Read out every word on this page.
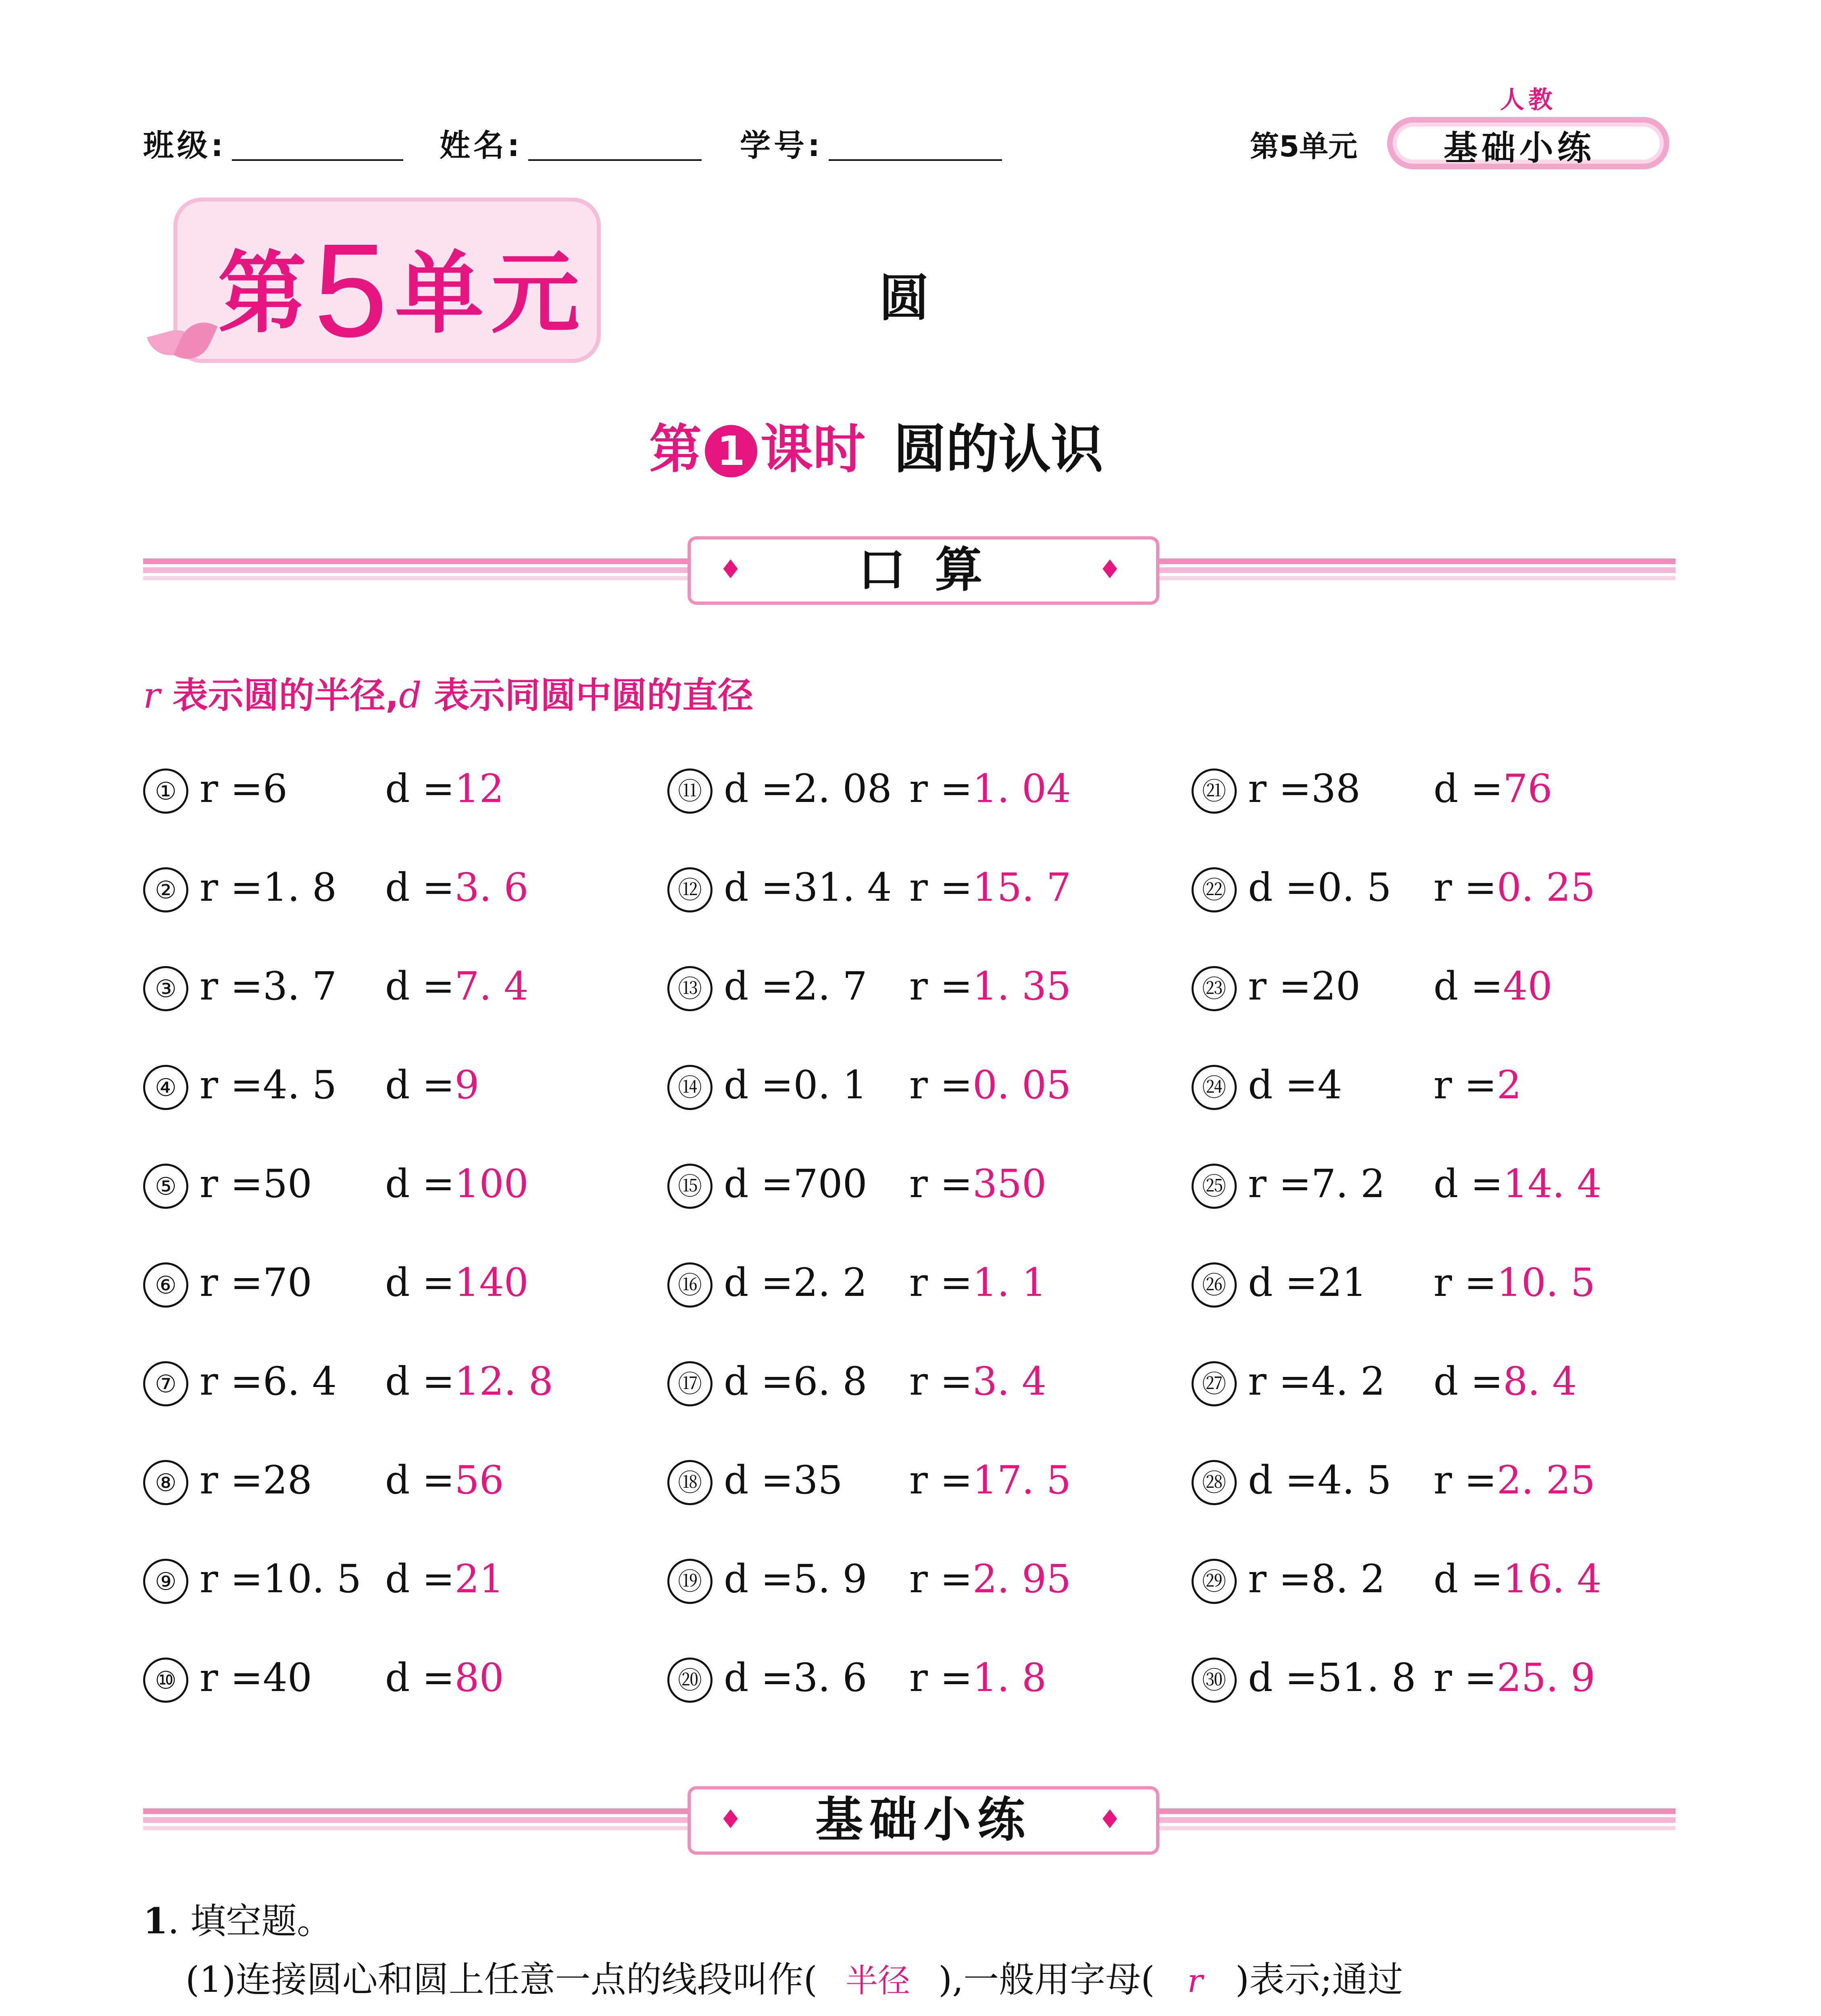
班级:	姓名:	学号:	第5单元
人教
基础小练
第5单元	圆
第 1 课时 圆的认识
♦ 口 算	♦
r 表示圆的半径,d 表示同圆中圆的直径
① r =6	d =12
② r =1. 8 d =3. 6
③ r =3. 7 d =7. 4
④ r =4. 5 d =9
⑤ r =50 d =100
⑥ r =70 d =140
⑦ r =6. 4 d =12. 8
⑧ r =28 d =56
⑨ r =10. 5 d =21
⑩ r =40 d =80
⑪ d =2. 08 r =1. 04
⑫ d =31. 4 r =15. 7
⑬ d =2. 7 r =1. 35
⑭ d =0. 1 r =0. 05
⑮ d =700 r =350
⑯ d =2. 2 r =1. 1
⑰ d =6. 8 r =3. 4
⑱ d =35 r =17. 5
⑲ d =5. 9 r =2. 95
⑳ d =3. 6 r =1. 8
㉑ r =38 d =76
㉒ d =0. 5 r =0. 25
㉓ r =20 d =40
㉔ d =4 r =2
㉕ r =7. 2 d =14. 4
㉖ d =21 r =10. 5
㉗ r =4. 2 d =8. 4
㉘ d =4. 5 r =2. 25
㉙ r =8. 2 d =16. 4
㉚ d =51. 8 r =25. 9
♦ 基础小练	♦
1. 填空题。
(1)连接圆心和圆上任意一点的线段叫作( 半径 ),一般用字母( r )表示;通过
